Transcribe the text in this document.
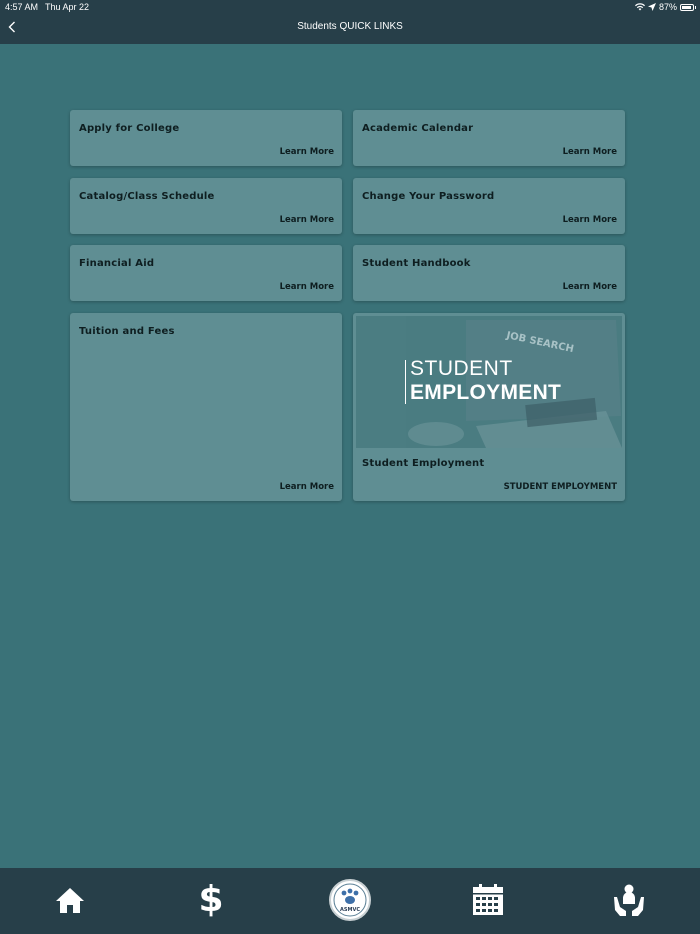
4:57 AM Thu Apr 22	87%
Students QUICK LINKS
Apply for College
Learn More
Academic Calendar
Learn More
Catalog/Class Schedule
Learn More
Change Your Password
Learn More
Financial Aid
Learn More
Student Handbook
Learn More
Tuition and Fees
Learn More
JOB SEARCH
STUDENT
EMPLOYMENT
Student Employment
STUDENT EMPLOYMENT
$	ASMVC
